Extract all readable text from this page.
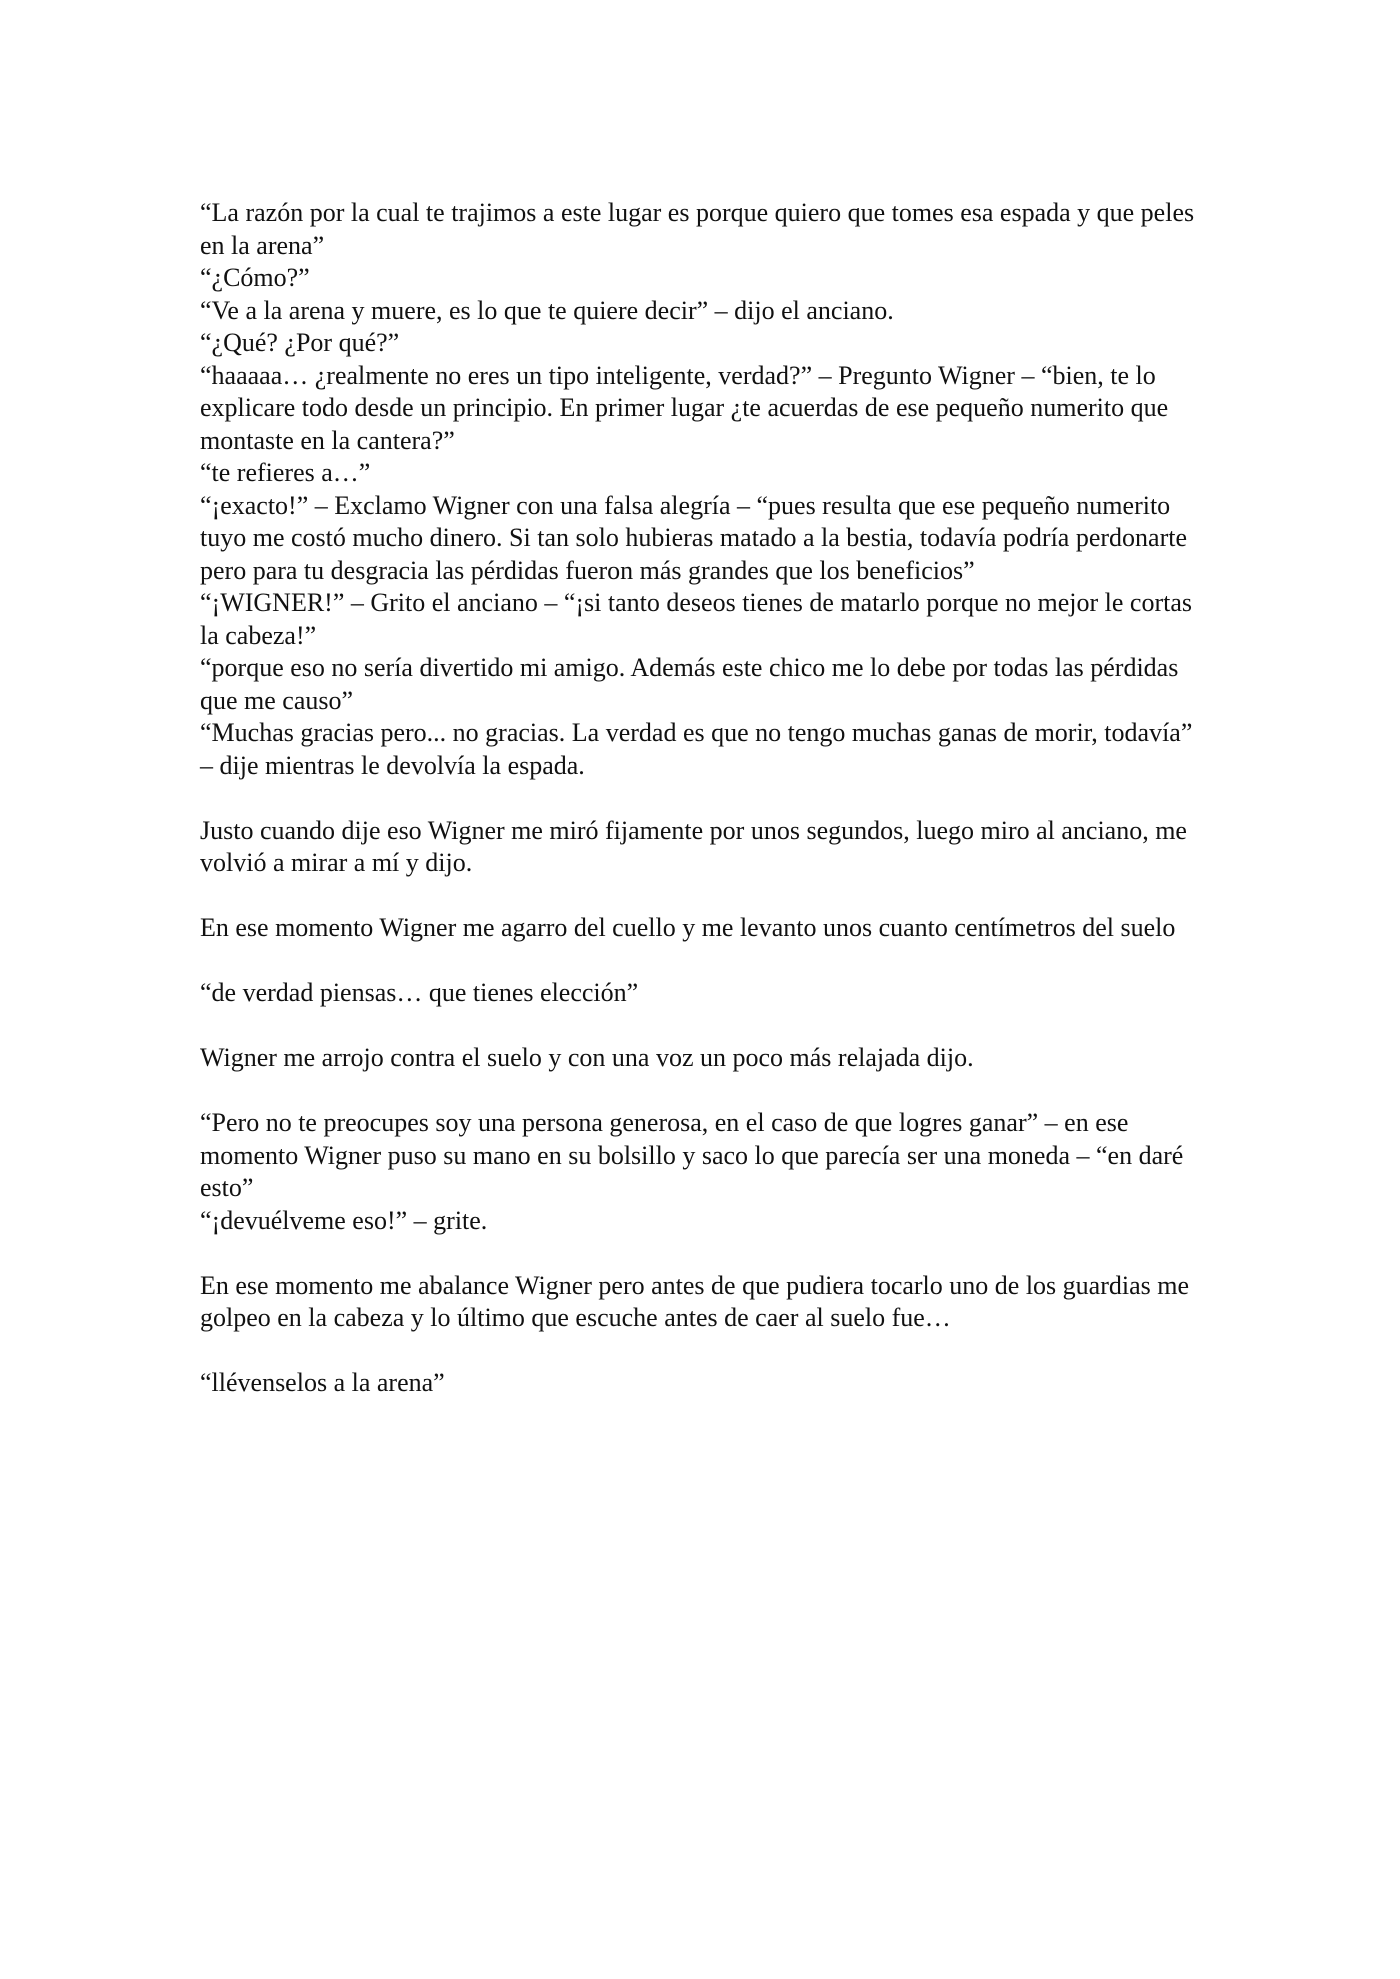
“La razón por la cual te trajimos a este lugar es porque quiero que tomes esa espada y que peles en la arena”
“¿Cómo?”
“Ve a la arena y muere, es lo que te quiere decir” – dijo el anciano.
“¿Qué? ¿Por qué?”
“haaaaa… ¿realmente no eres un tipo inteligente, verdad?” – Pregunto Wigner – “bien, te lo explicare todo desde un principio. En primer lugar ¿te acuerdas de ese pequeño numerito que montaste en la cantera?”
“te refieres a…”
“¡exacto!” – Exclamo Wigner con una falsa alegría – “pues resulta que ese pequeño numerito tuyo me costó mucho dinero. Si tan solo hubieras matado a la bestia, todavía podría perdonarte pero para tu desgracia las pérdidas fueron más grandes que los beneficios”
“¡WIGNER!” – Grito el anciano – “¡si tanto deseos tienes de matarlo porque no mejor le cortas la cabeza!”
“porque eso no sería divertido mi amigo. Además este chico me lo debe por todas las pérdidas que me causo”
“Muchas gracias pero... no gracias. La verdad es que no tengo muchas ganas de morir, todavía” – dije mientras le devolvía la espada.
Justo cuando dije eso Wigner me miró fijamente por unos segundos, luego miro al anciano, me volvió a mirar a mí y dijo.
En ese momento Wigner me agarro del cuello y me levanto unos cuanto centímetros del suelo
“de verdad piensas… que tienes elección”
Wigner me arrojo contra el suelo y con una voz un poco más relajada dijo.
“Pero no te preocupes soy una persona generosa, en el caso de que logres ganar” – en ese momento Wigner puso su mano en su bolsillo y saco lo que parecía ser una moneda – “en daré esto”
“¡devuélveme eso!” – grite.
En ese momento me abalance Wigner pero antes de que pudiera tocarlo uno de los guardias me golpeo en la cabeza y lo último que escuche antes de caer al suelo fue…
“llévenselos a la arena”
